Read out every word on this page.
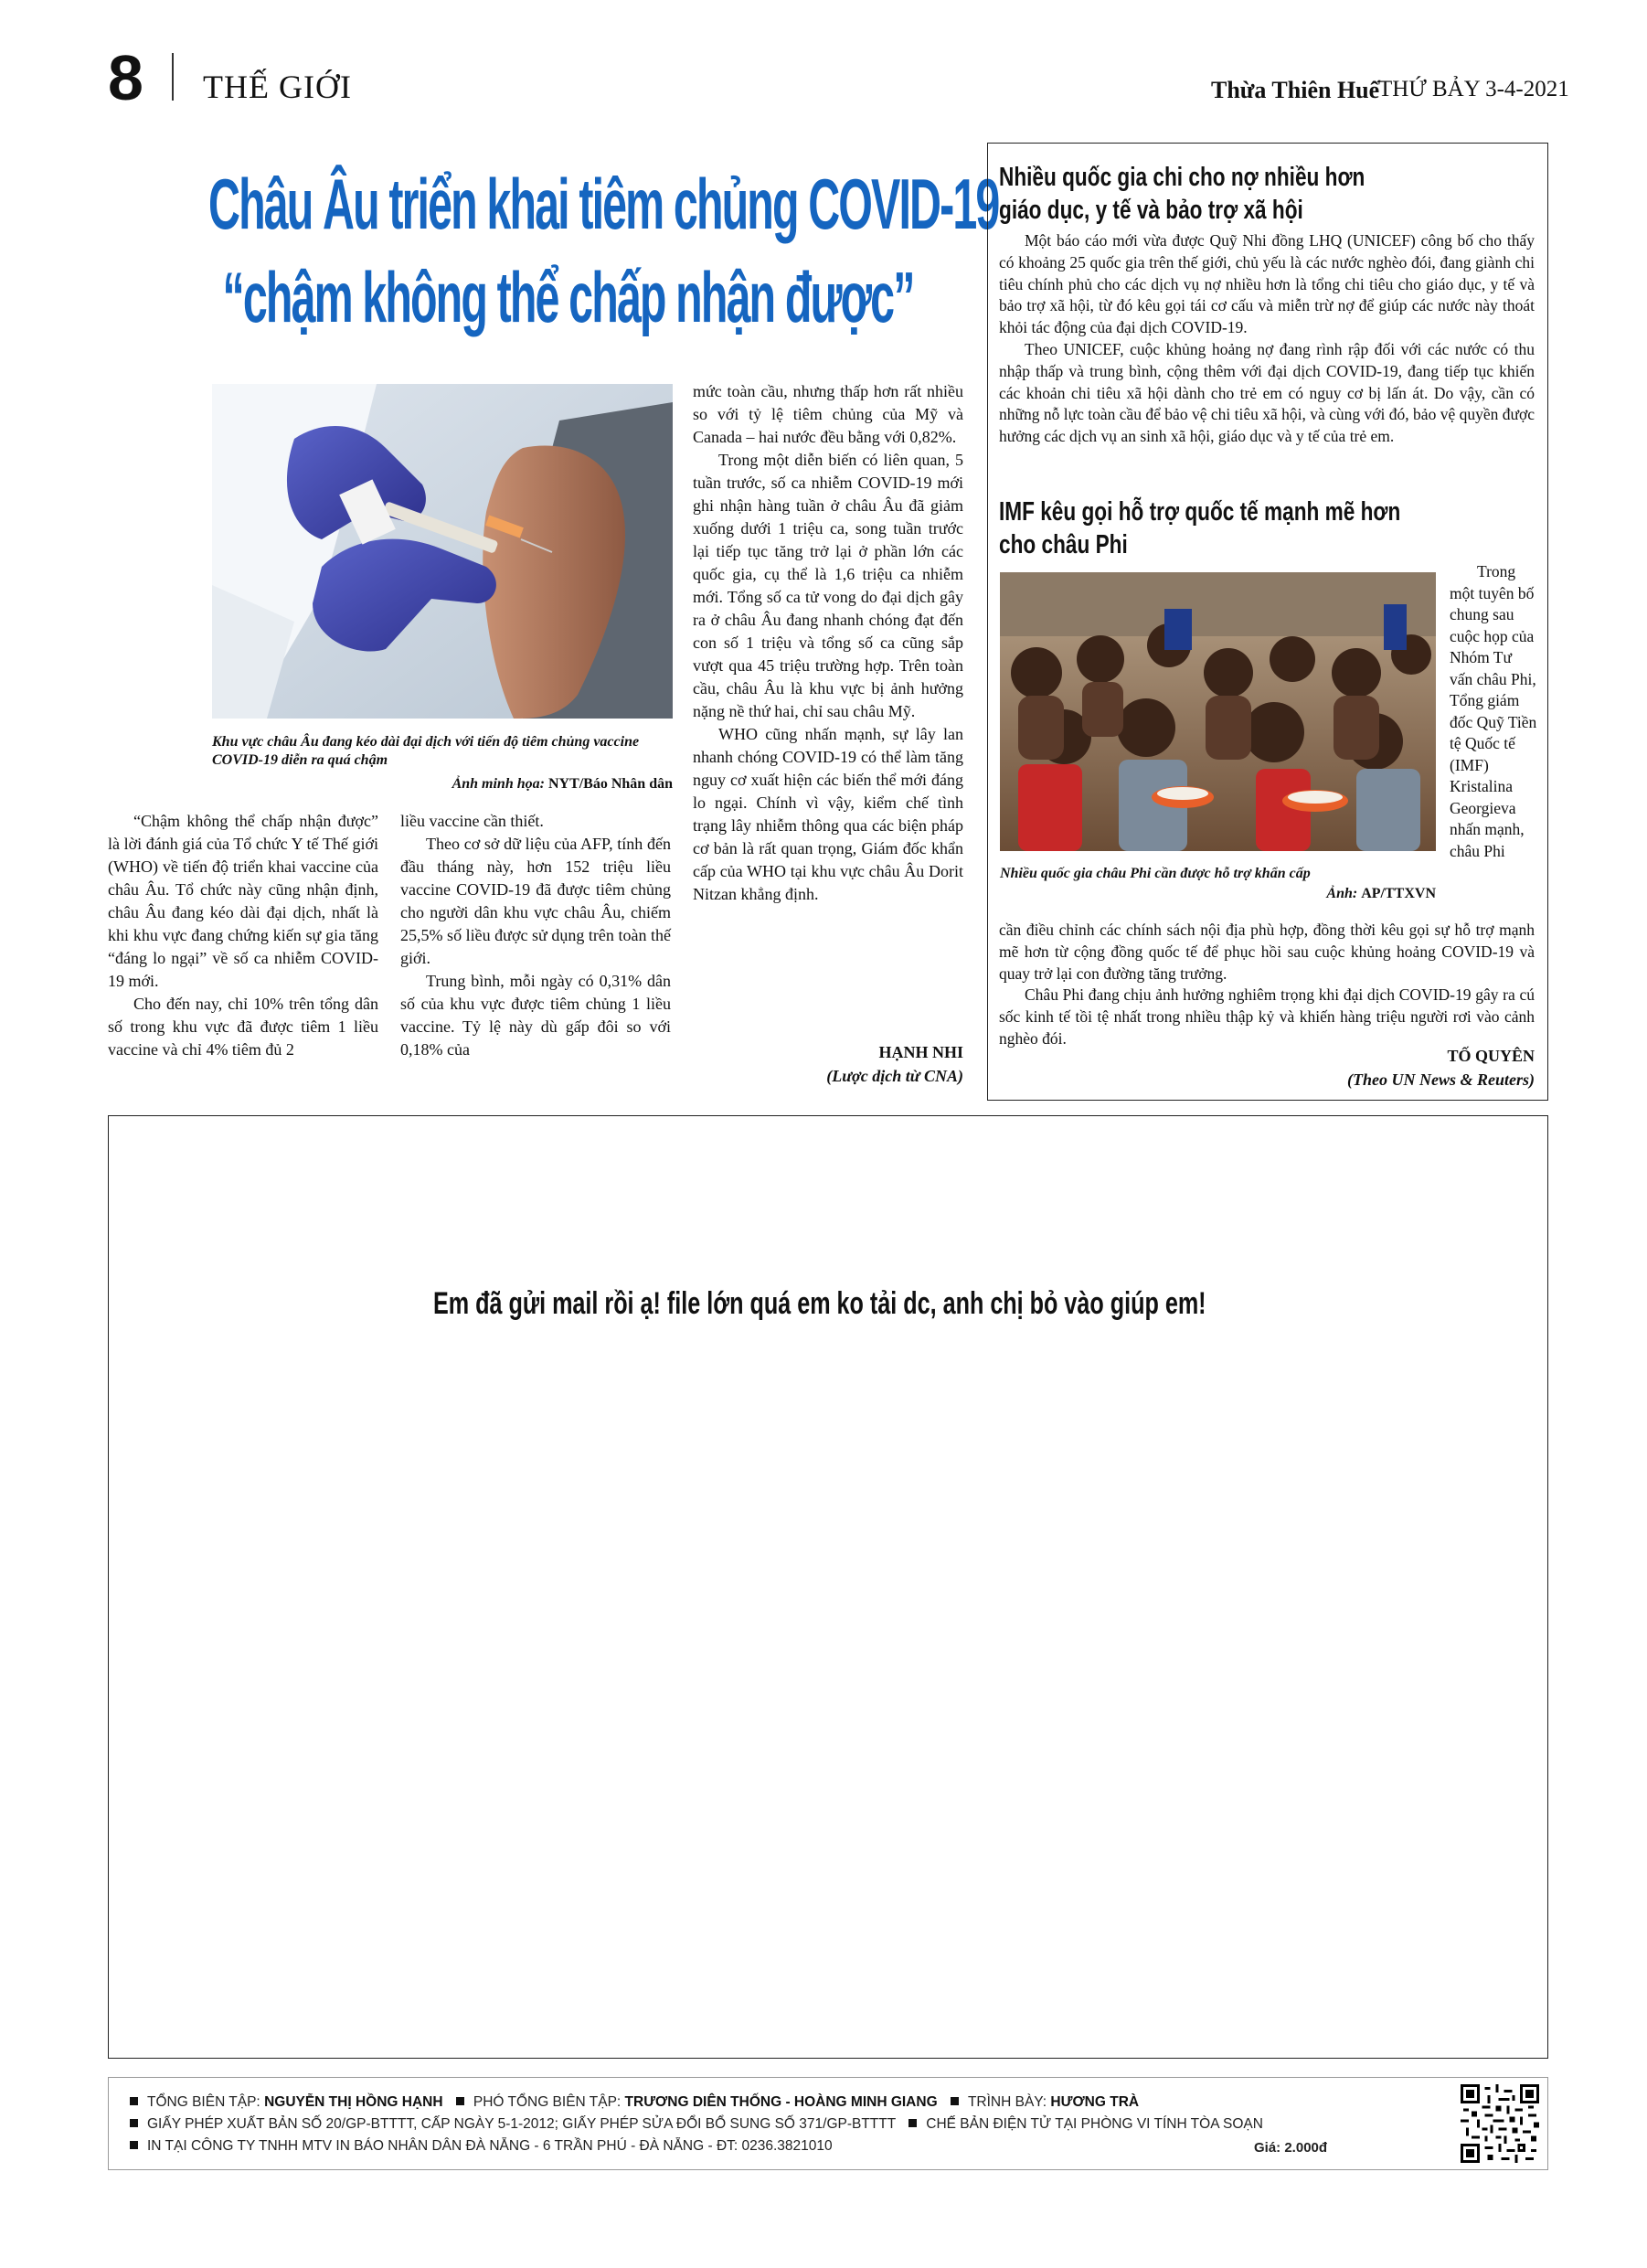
8 THẾ GIỚI	Thừa Thiên Huế
THỨ BẢY 3-4-2021
Châu Âu triển khai tiêm chủng COVID-19
“chậm không thể chấp nhận được”
Khu vực châu Âu đang kéo dài đại dịch với tiến độ tiêm chủng vaccine COVID-19 diễn ra quá chậm
Ảnh minh họa: NYT/Báo Nhân dân

“Chậm không thể chấp nhận được” là lời đánh giá của Tổ chức Y tế Thế giới (WHO) về tiến độ triển khai vaccine của châu Âu. Tổ chức này cũng nhận định, châu Âu đang kéo dài đại dịch, nhất là khi khu vực đang chứng kiến sự gia tăng “đáng lo ngại” về số ca nhiễm COVID-19 mới.

Cho đến nay, chỉ 10% trên tổng dân số trong khu vực đã được tiêm 1 liều vaccine và chỉ 4% tiêm đủ 2

liều vaccine cần thiết.

Theo cơ sở dữ liệu của AFP, tính đến đầu tháng này, hơn 152 triệu liều vaccine COVID-19 đã được tiêm chủng cho người dân khu vực châu Âu, chiếm 25,5% số liều được sử dụng trên toàn thế giới.

Trung bình, mỗi ngày có 0,31% dân số của khu vực được tiêm chủng 1 liều vaccine. Tỷ lệ này dù gấp đôi so với 0,18% của

mức toàn cầu, nhưng thấp hơn rất nhiều so với tỷ lệ tiêm chủng của Mỹ và Canada – hai nước đều bằng với 0,82%.

Trong một diễn biến có liên quan, 5 tuần trước, số ca nhiễm COVID-19 mới ghi nhận hàng tuần ở châu Âu đã giảm xuống dưới 1 triệu ca, song tuần trước lại tiếp tục tăng trở lại ở phần lớn các quốc gia, cụ thể là 1,6 triệu ca nhiễm mới. Tổng số ca tử vong do đại dịch gây ra ở châu Âu đang nhanh chóng đạt đến con số 1 triệu và tổng số ca cũng sắp vượt qua 45 triệu trường hợp. Trên toàn cầu, châu Âu là khu vực bị ảnh hưởng nặng nề thứ hai, chỉ sau châu Mỹ.

WHO cũng nhấn mạnh, sự lây lan nhanh chóng COVID-19 có thể làm tăng nguy cơ xuất hiện các biến thể mới đáng lo ngại. Chính vì vậy, kiểm chế tình trạng lây nhiễm thông qua các biện pháp cơ bản là rất quan trọng, Giám đốc khẩn cấp của WHO tại khu vực châu Âu Dorit Nitzan khẳng định.

HẠNH NHI
(Lược dịch từ CNA)
Nhiều quốc gia chi cho nợ nhiều hơn
giáo dục, y tế và bảo trợ xã hội

Một báo cáo mới vừa được Quỹ Nhi đồng LHQ (UNICEF) công bố cho thấy có khoảng 25 quốc gia trên thế giới, chủ yếu là các nước nghèo đói, đang giành chi tiêu chính phủ cho các dịch vụ nợ nhiều hơn là tổng chi tiêu cho giáo dục, y tế và bảo trợ xã hội, từ đó kêu gọi tái cơ cấu và miễn trừ nợ để giúp các nước này thoát khỏi tác động của đại dịch COVID-19.

Theo UNICEF, cuộc khủng hoảng nợ đang rình rập đối với các nước có thu nhập thấp và trung bình, cộng thêm với đại dịch COVID-19, đang tiếp tục khiến các khoản chi tiêu xã hội dành cho trẻ em có nguy cơ bị lấn át. Do vậy, cần có những nỗ lực toàn cầu để bảo vệ chi tiêu xã hội, và cùng với đó, bảo vệ quyền được hưởng các dịch vụ an sinh xã hội, giáo dục và y tế của trẻ em.

IMF kêu gọi hỗ trợ quốc tế mạnh mẽ hơn
cho châu Phi
Nhiều quốc gia châu Phi cần được hỗ trợ khẩn cấp
Ảnh: AP/TTXVN
Trong một tuyên bố chung sau cuộc họp của Nhóm Tư vấn châu Phi, Tổng giám đốc Quỹ Tiền tệ Quốc tế (IMF) Kristalina Georgieva nhấn mạnh, châu Phi

cần điều chỉnh các chính sách nội địa phù hợp, đồng thời kêu gọi sự hỗ trợ mạnh mẽ hơn từ cộng đồng quốc tế để phục hồi sau cuộc khủng hoảng COVID-19 và quay trở lại con đường tăng trưởng.

Châu Phi đang chịu ảnh hưởng nghiêm trọng khi đại dịch COVID-19 gây ra cú sốc kinh tế tồi tệ nhất trong nhiều thập kỷ và khiến hàng triệu người rơi vào cảnh nghèo đói.

TỐ QUYÊN
(Theo UN News & Reuters)
Em đã gửi mail rồi ạ! file lớn quá em ko tải dc, anh chị bỏ vào giúp em!
TỔNG BIÊN TẬP: NGUYỄN THỊ HỒNG HẠNH PHÓ TỔNG BIÊN TẬP: TRƯƠNG DIÊN THỐNG - HOÀNG MINH GIANG TRÌNH BÀY: HƯƠNG TRÀ
GIẤY PHÉP XUẤT BẢN SỐ 20/GP-BTTTT, CẤP NGÀY 5-1-2012; GIẤY PHÉP SỬA ĐỔI BỔ SUNG SỐ 371/GP-BTTTT CHẾ BẢN ĐIỆN TỬ TẠI PHÒNG VI TÍNH TÒA SOẠN
IN TẠI CÔNG TY TNHH MTV IN BÁO NHÂN DÂN ĐÀ NẴNG - 6 TRẦN PHÚ - ĐÀ NẴNG - ĐT: 0236.3821010	Giá: 2.000đ
